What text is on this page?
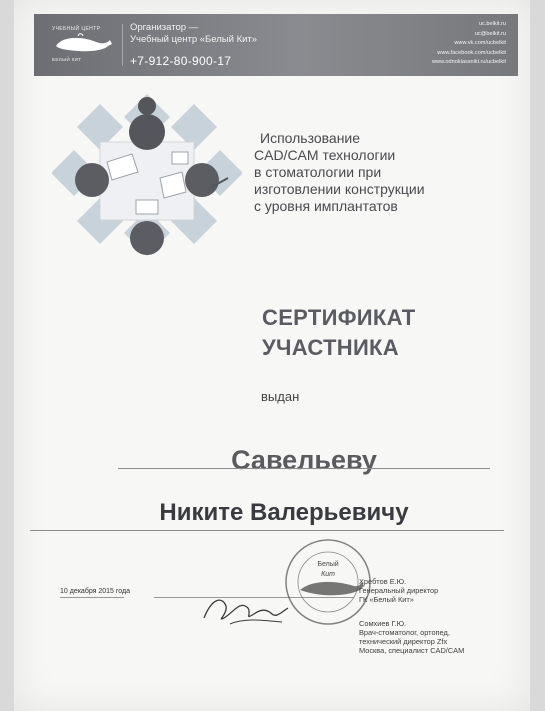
УЧЕБНЫЙ ЦЕНТР
БЕЛЫЙ КИТ
Организатор —
Учебный центр «Белый Кит»
+7-912-80-900-17
uc.belkit.ru
uc@belkit.ru
www.vk.com/ucbelkit
www.facebook.com/ucbelkit
www.odnoklassniki.ru/ucbelkit
Использование
CAD/CAM технологии
в стоматологии при
изготовлении конструкции
с уровня имплантатов
СЕРТИФИКАТ
УЧАСТНИКА
выдан
Савельеву
Никите Валерьевичу
10 декабря 2015 года
Белый
Кит
Хребтов Е.Ю.
Генеральный директор
ГК «Белый Кит»
Сомхиев Г.Ю.
Врач-стоматолог, ортопед,
технический директор Zfx
Москва, специалист CAD/CAM
